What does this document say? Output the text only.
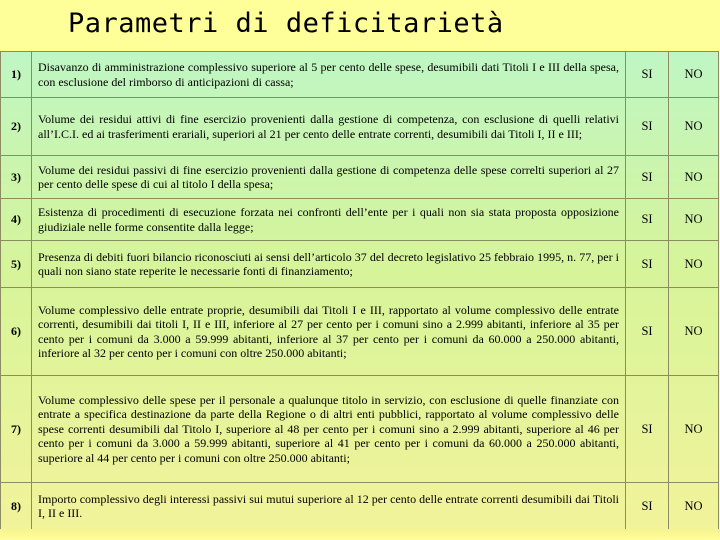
Parametri di deficitarietà
1)	Disavanzo di amministrazione complessivo superiore al 5 per cento delle spese, desumibili dati Titoli I e III della spesa, con esclusione del rimborso di anticipazioni di cassa;	SI	NO
2)	Volume dei residui attivi di fine esercizio provenienti dalla gestione di competenza, con esclusione di quelli relativi all’I.C.I. ed ai trasferimenti erariali, superiori al 21 per cento delle entrate correnti, desumibili dai Titoli I, II e III;	SI	NO
3)	Volume dei residui passivi di fine esercizio provenienti dalla gestione di competenza delle spese correlti superiori al 27 per cento delle spese di cui al titolo I della spesa;	SI	NO
4)	Esistenza di procedimenti di esecuzione forzata nei confronti dell’ente per i quali non sia stata proposta opposizione giudiziale nelle forme consentite dalla legge;	SI	NO
5)	Presenza di debiti fuori bilancio riconosciuti ai sensi dell’articolo 37 del decreto legislativo 25 febbraio 1995, n. 77, per i quali non siano state reperite le necessarie fonti di finanziamento;	SI	NO
6)	Volume complessivo delle entrate proprie, desumibili dai Titoli I e III, rapportato al volume complessivo delle entrate correnti, desumibili dai titoli I, II e III, inferiore al 27 per cento per i comuni sino a 2.999 abitanti, inferiore al 35 per cento per i comuni da 3.000 a 59.999 abitanti, inferiore al 37 per cento per i comuni da 60.000 a 250.000 abitanti, inferiore al 32 per cento per i comuni con oltre 250.000 abitanti;	SI	NO
7)	Volume complessivo delle spese per il personale a qualunque titolo in servizio, con esclusione di quelle finanziate con entrate a specifica destinazione da parte della Regione o di altri enti pubblici, rapportato al volume complessivo delle spese correnti desumibili dal Titolo I, superiore al 48 per cento per i comuni sino a 2.999 abitanti, superiore al 46 per cento per i comuni da 3.000 a 59.999 abitanti, superiore al 41 per cento per i comuni da 60.000 a 250.000 abitanti, superiore al 44 per cento per i comuni con oltre 250.000 abitanti;	SI	NO
8)	Importo complessivo degli interessi passivi sui mutui superiore al 12 per cento delle entrate correnti desumibili dai Titoli I, II e III.	SI	NO
